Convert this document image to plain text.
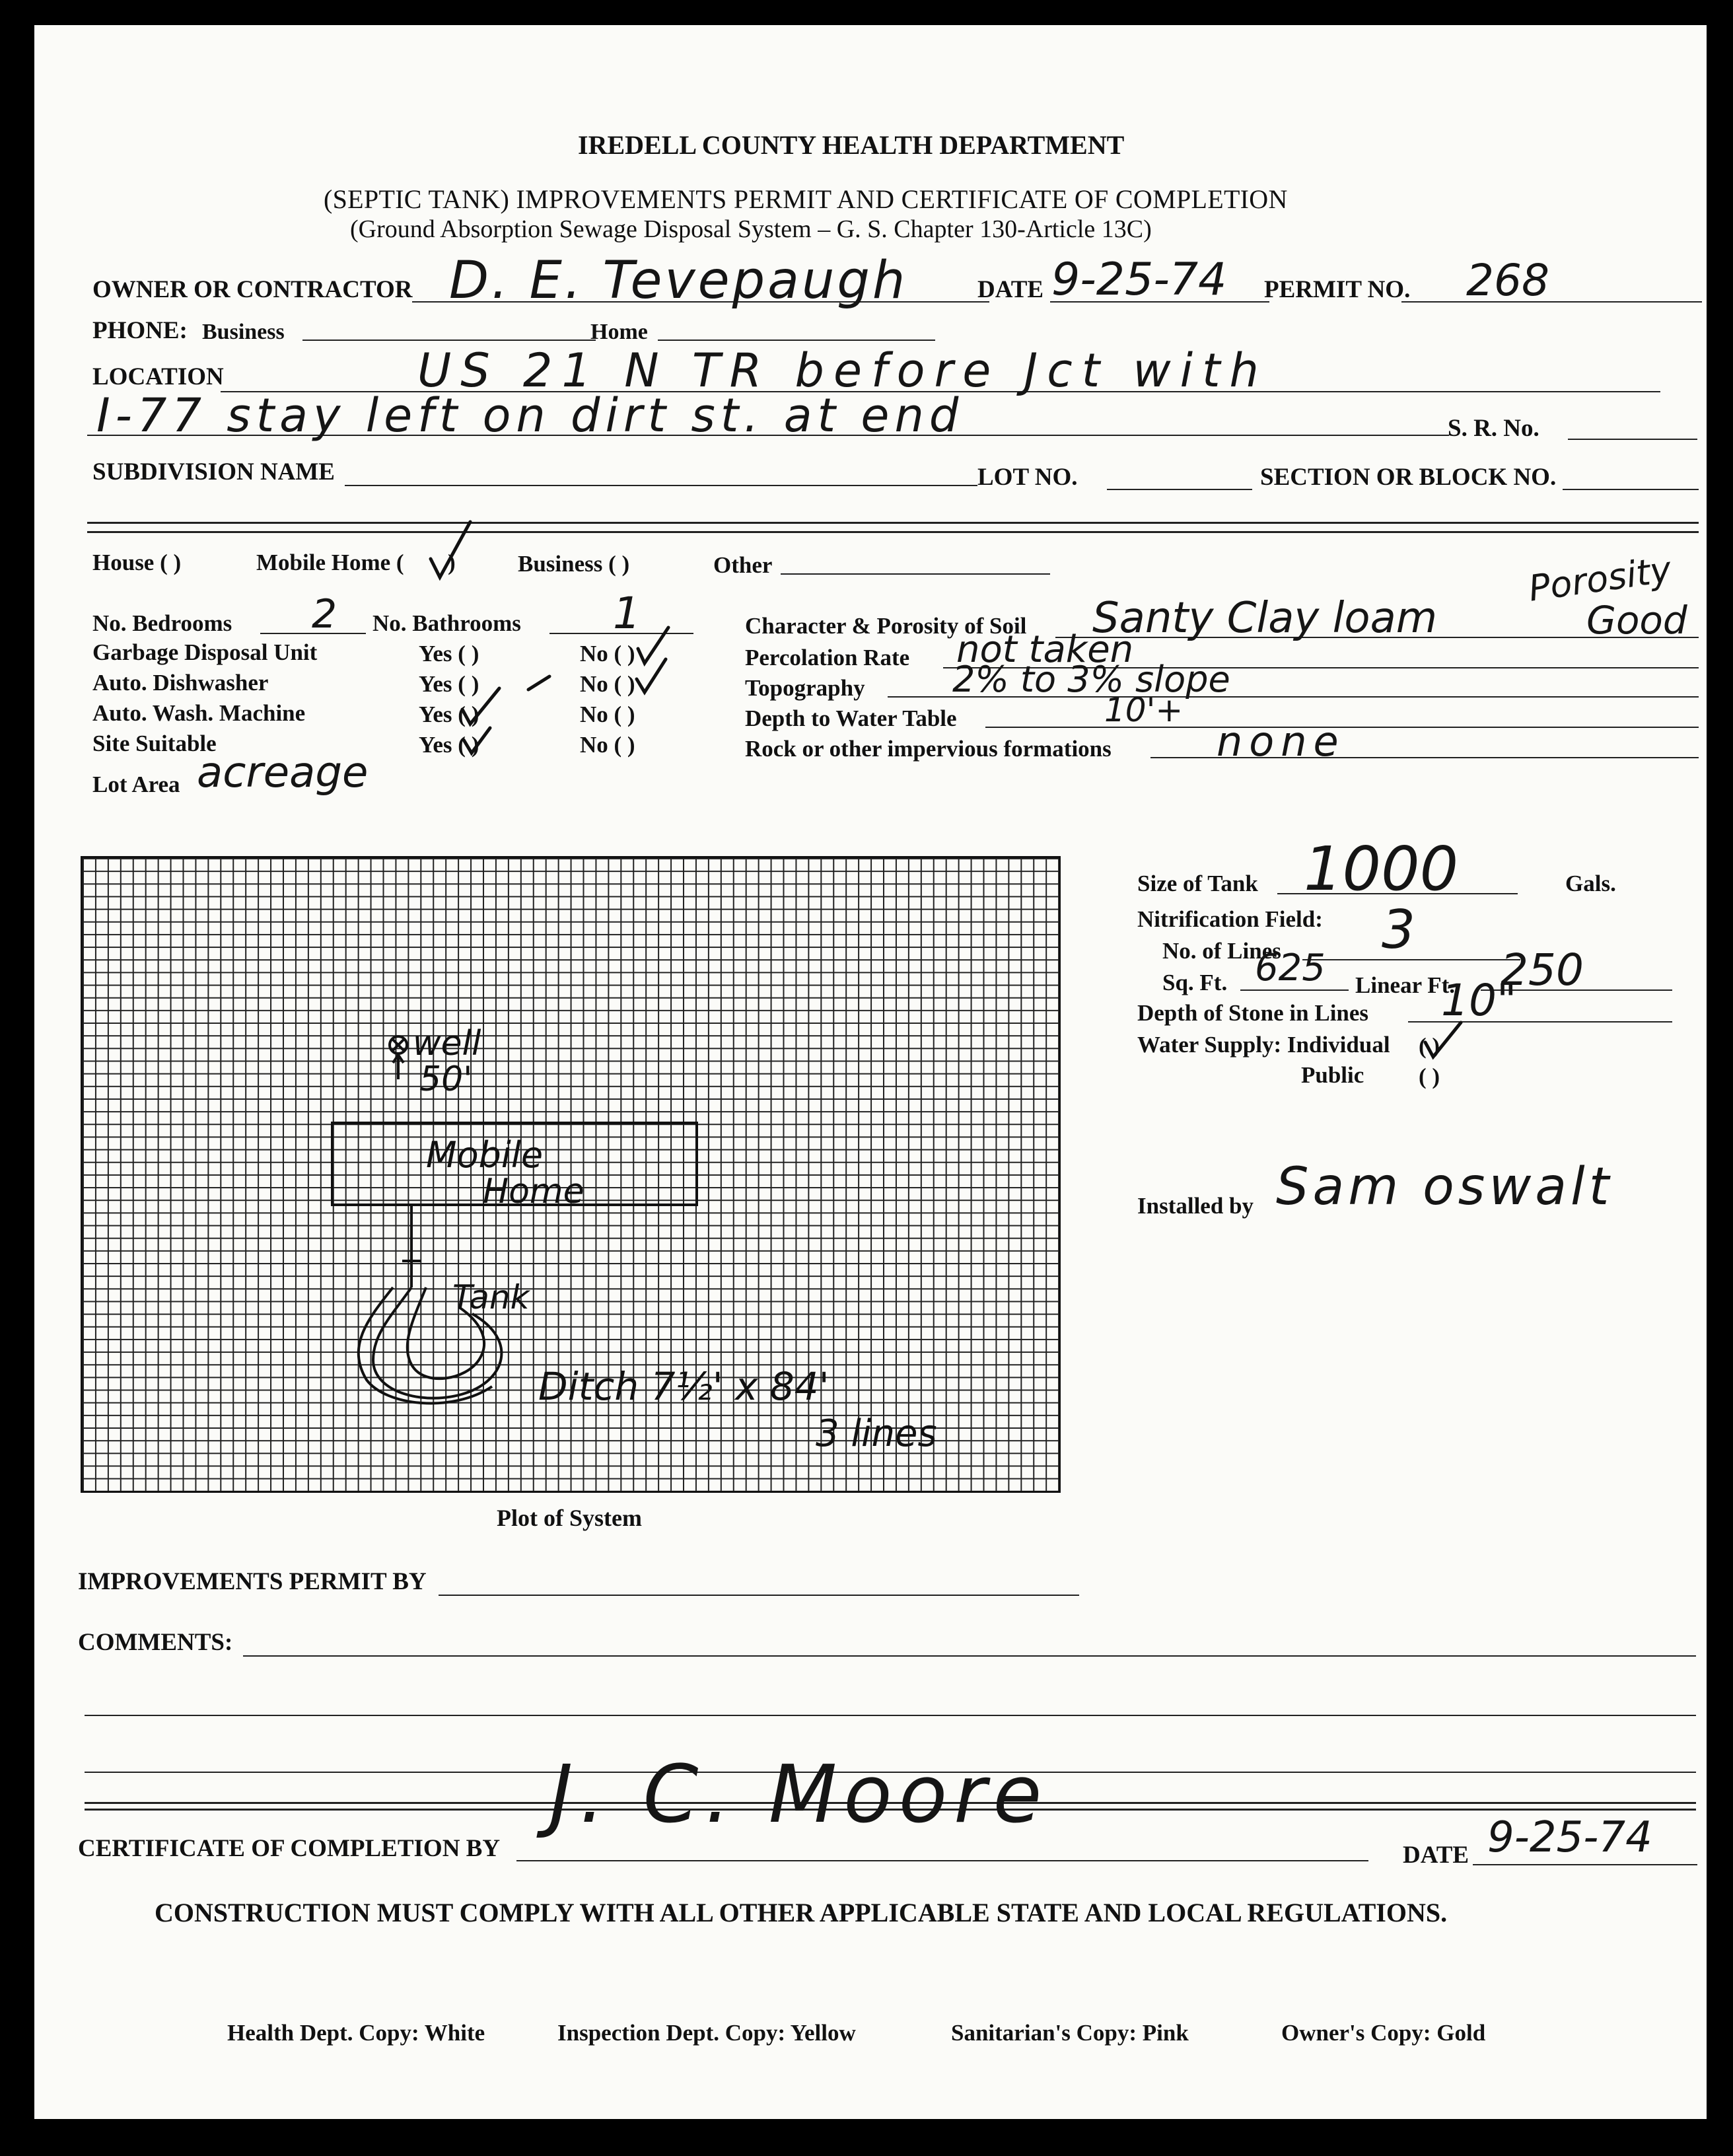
IREDELL COUNTY HEALTH DEPARTMENT
(SEPTIC TANK) IMPROVEMENTS PERMIT AND CERTIFICATE OF COMPLETION
(Ground Absorption Sewage Disposal System – G. S. Chapter 130-Article 13C)
OWNER OR CONTRACTOR D. E. Tevepaugh	DATE 9-25-74 PERMIT NO. 268
PHONE: Business	Home
LOCATION	US 21 N TR before Jct with
I-77 stay left on dirt st. at end	S. R. No.
SUBDIVISION NAME	LOT NO.	SECTION OR BLOCK NO.
House ( )	Mobile Home ( )	Business ( )	Other
No. Bedrooms 2 No. Bathrooms 1
Garbage Disposal Unit	Yes ( )	No ( )
Auto. Dishwasher	Yes ( )	No ( )
Auto. Wash. Machine	Yes ( )	No ( )
Site Suitable	Yes ( )	No ( )
Lot Area acreage
Porosity
Character & Porosity of Soil Santy Clay loam	Good
Percolation Rate not taken
Topography 2% to 3% slope
Depth to Water Table	10'+
Rock or other impervious formations	none
well
50'
Mobile
Home
Tank
Ditch 7½' x 84'
3 lines
Plot of System
Size of Tank 1000	Gals.
Nitrification Field: 3
No. of Lines
Sq. Ft. 625 Linear Ft. 250
Depth of Stone in Lines 10"
Water Supply: Individual ( )
Public ( )
Installed by Sam oswalt
IMPROVEMENTS PERMIT BY
COMMENTS:
CERTIFICATE OF COMPLETION BY
J. C. Moore
DATE 9-25-74
CONSTRUCTION MUST COMPLY WITH ALL OTHER APPLICABLE STATE AND LOCAL REGULATIONS.
Health Dept. Copy: White	Inspection Dept. Copy: Yellow	Sanitarian's Copy: Pink	Owner's Copy: Gold
